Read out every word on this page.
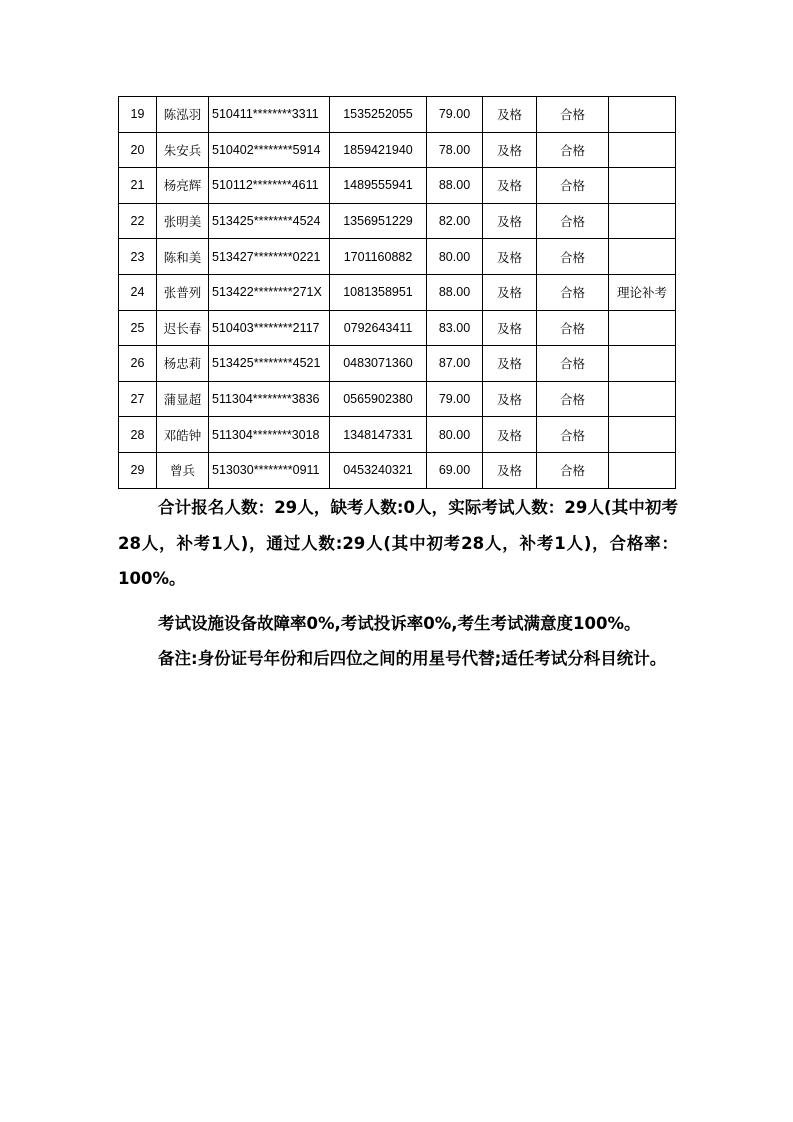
19	陈泓羽	510411********3311	1535252055	79.00	及格	合格	
20	朱安兵	510402********5914	1859421940	78.00	及格	合格	
21	杨亮辉	510112********4611	1489555941	88.00	及格	合格	
22	张明美	513425********4524	1356951229	82.00	及格	合格	
23	陈和美	513427********0221	1701160882	80.00	及格	合格	
24	张普列	513422********271X	1081358951	88.00	及格	合格	理论补考
25	迟长春	510403********2117	0792643411	83.00	及格	合格	
26	杨忠莉	513425********4521	0483071360	87.00	及格	合格	
27	蒲显超	511304********3836	0565902380	79.00	及格	合格	
28	邓皓钟	511304********3018	1348147331	80.00	及格	合格	
29	曾兵	513030********0911	0453240321	69.00	及格	合格	

合计报名人数：29人，缺考人数:0人，实际考试人数：29人(其中初考28人，补考1人)，通过人数:29人(其中初考28人，补考1人)，合格率：100%。

考试设施设备故障率0%,考试投诉率0%,考生考试满意度100%。

备注:身份证号年份和后四位之间的用星号代替;适任考试分科目统计。
